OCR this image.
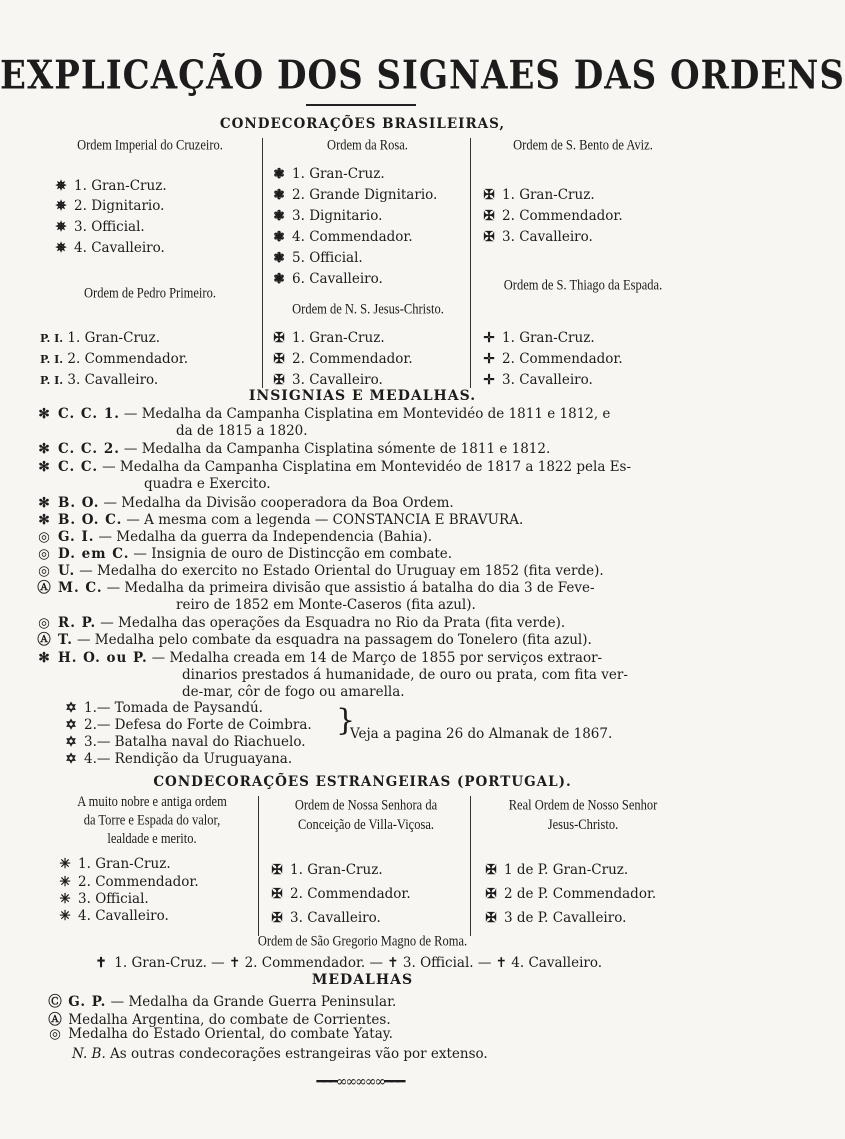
EXPLICAÇÃO DOS SIGNAES DAS ORDENS
CONDECORAÇÕES BRASILEIRAS,
Ordem Imperial do Cruzeiro.
✵ 1. Gran-Cruz.
✵ 2. Dignitario.
✵ 3. Official.
✵ 4. Cavalleiro.
Ordem da Rosa.
❃ 1. Gran-Cruz.
❃ 2. Grande Dignitario.
❃ 3. Dignitario.
❃ 4. Commendador.
❃ 5. Official.
❃ 6. Cavalleiro.
Ordem de S. Bento de Aviz.
✠ 1. Gran-Cruz.
✠ 2. Commendador.
✠ 3. Cavalleiro.
Ordem de Pedro Primeiro.
P. I. 1. Gran-Cruz.
P. I. 2. Commendador.
P. I. 3. Cavalleiro.
Ordem de N. S. Jesus-Christo.
✠ 1. Gran-Cruz.
✠ 2. Commendador.
✠ 3. Cavalleiro.
Ordem de S. Thiago da Espada.
✛ 1. Gran-Cruz.
✛ 2. Commendador.
✛ 3. Cavalleiro.
INSIGNIAS E MEDALHAS.
✻ C. C. 1. — Medalha da Campanha Cisplatina em Montevidéo de 1811 e 1812, e
da de 1815 a 1820.
✻ C. C. 2. — Medalha da Campanha Cisplatina sómente de 1811 e 1812.
✻ C. C. — Medalha da Campanha Cisplatina em Montevidéo de 1817 a 1822 pela Es-
quadra e Exercito.
✻ B. O. — Medalha da Divisão cooperadora da Boa Ordem.
✻ B. O. C. — A mesma com a legenda — CONSTANCIA E BRAVURA.
◎ G. I. — Medalha da guerra da Independencia (Bahia).
◎ D. em C. — Insignia de ouro de Distincção em combate.
◎ U. — Medalha do exercito no Estado Oriental do Uruguay em 1852 (fita verde).
Ⓐ M. C. — Medalha da primeira divisão que assistio á batalha do dia 3 de Feve-
reiro de 1852 em Monte-Caseros (fita azul).
◎ R. P. — Medalha das operações da Esquadra no Rio da Prata (fita verde).
Ⓐ T. — Medalha pelo combate da esquadra na passagem do Tonelero (fita azul).
✻ H. O. ou P. — Medalha creada em 14 de Março de 1855 por serviços extraor-
dinarios prestados á humanidade, de ouro ou prata, com fita ver-
de-mar, côr de fogo ou amarella.
✡ 1.— Tomada de Paysandú.
✡ 2.— Defesa do Forte de Coimbra.
✡ 3.— Batalha naval do Riachuelo.
✡ 4.— Rendição da Uruguayana.
}
Veja a pagina 26 do Almanak de 1867.
CONDECORAÇÕES ESTRANGEIRAS (PORTUGAL).
A muito nobre e antiga ordem
da Torre e Espada do valor,
lealdade e merito.
✳ 1. Gran-Cruz.
✳ 2. Commendador.
✳ 3. Official.
✳ 4. Cavalleiro.
Ordem de Nossa Senhora da
Conceição de Villa-Viçosa.
✠ 1. Gran-Cruz.
✠ 2. Commendador.
✠ 3. Cavalleiro.
Real Ordem de Nosso Senhor
Jesus-Christo.
✠ 1 de P. Gran-Cruz.
✠ 2 de P. Commendador.
✠ 3 de P. Cavalleiro.
Ordem de São Gregorio Magno de Roma.
✝ 1. Gran-Cruz. — ✝ 2. Commendador. — ✝ 3. Official. — ✝ 4. Cavalleiro.
MEDALHAS
Ⓒ G. P. — Medalha da Grande Guerra Peninsular.
Ⓐ Medalha Argentina, do combate de Corrientes.
◎ Medalha do Estado Oriental, do combate Yatay.
N. B. As outras condecorações estrangeiras vão por extenso.
━━━∞∞∞∞∞━━━
